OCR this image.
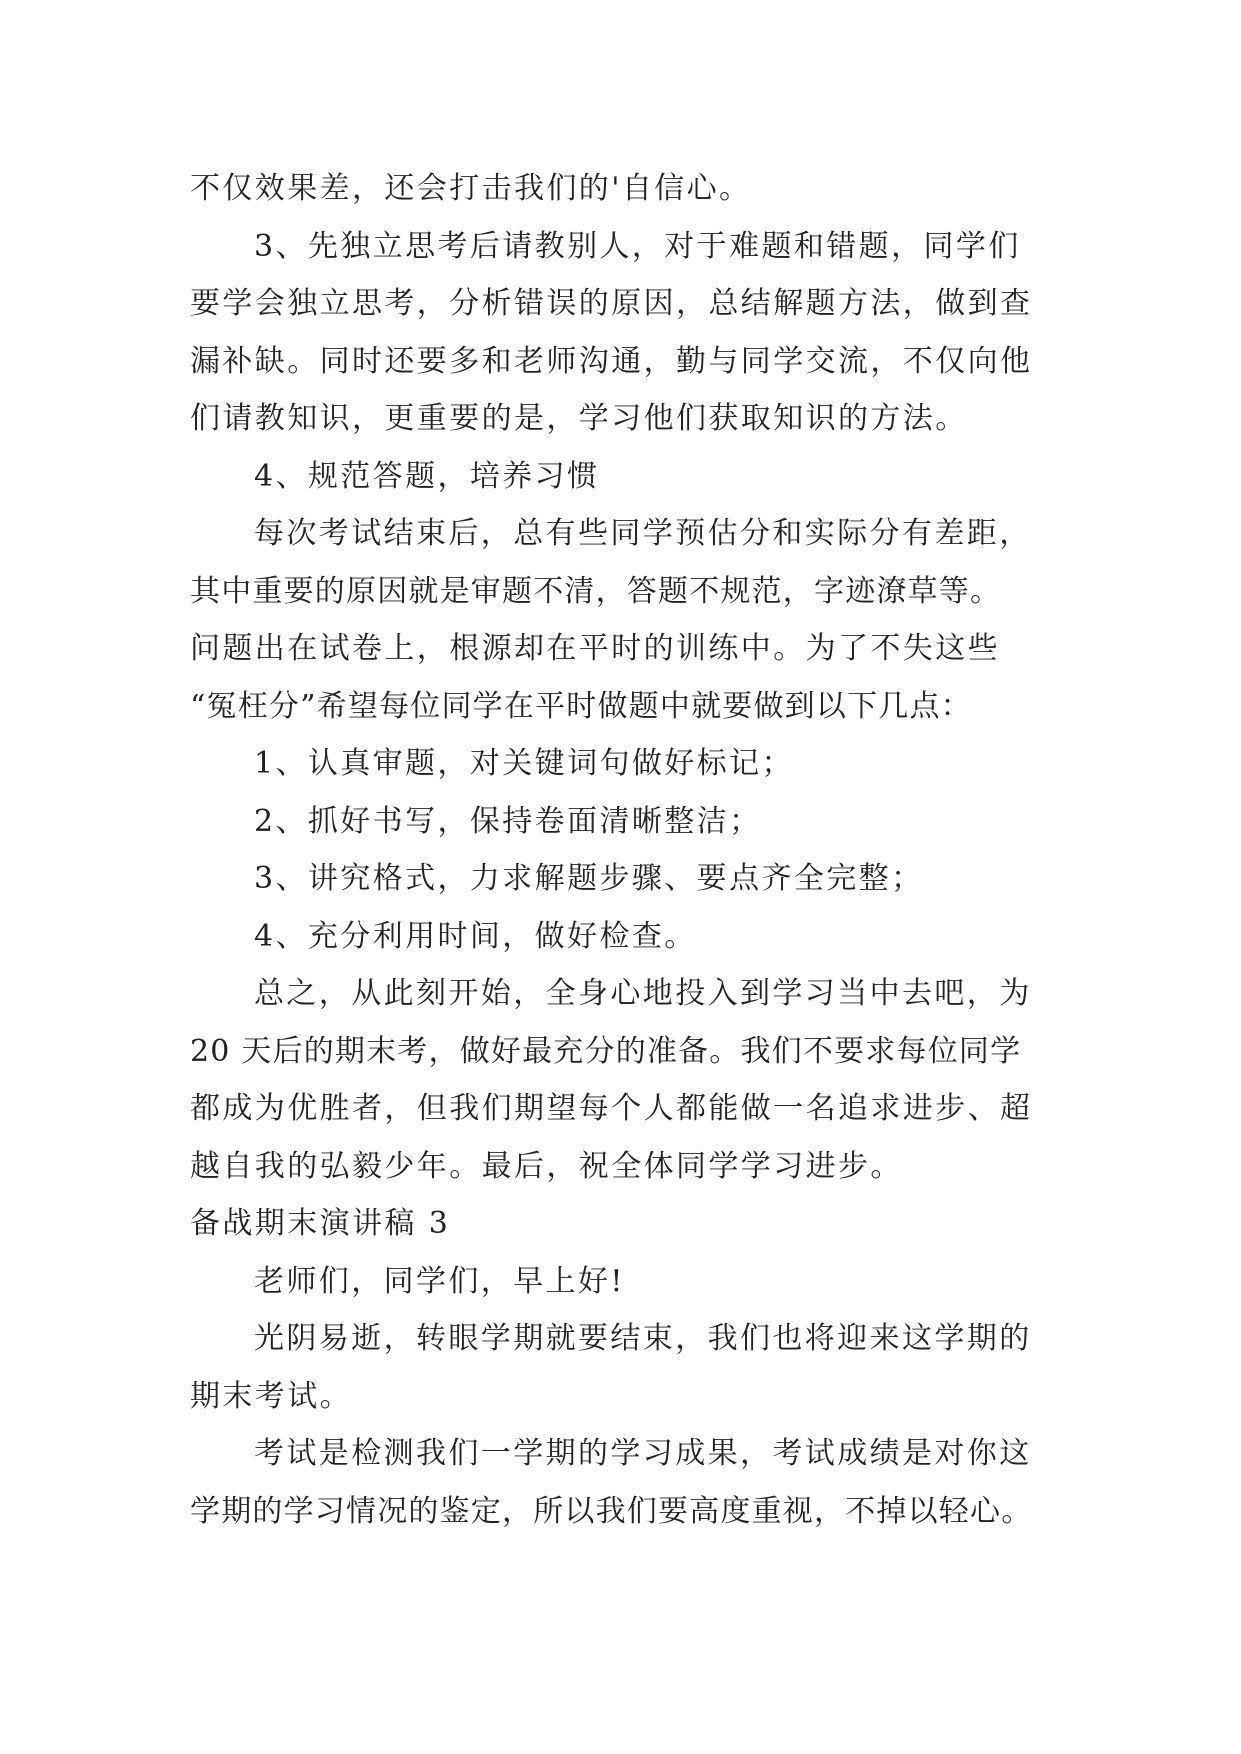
不仅效果差，还会打击我们的'自信心。

3、先独立思考后请教别人，对于难题和错题，同学们

要学会独立思考，分析错误的原因，总结解题方法，做到查

漏补缺。同时还要多和老师沟通，勤与同学交流，不仅向他

们请教知识，更重要的是，学习他们获取知识的方法。

4、规范答题，培养习惯

每次考试结束后，总有些同学预估分和实际分有差距，

其中重要的原因就是审题不清，答题不规范，字迹潦草等。

问题出在试卷上，根源却在平时的训练中。为了不失这些

“冤枉分”希望每位同学在平时做题中就要做到以下几点：

1、认真审题，对关键词句做好标记；

2、抓好书写，保持卷面清晰整洁；

3、讲究格式，力求解题步骤、要点齐全完整；

4、充分利用时间，做好检查。

总之，从此刻开始，全身心地投入到学习当中去吧，为

20 天后的期末考，做好最充分的准备。我们不要求每位同学

都成为优胜者，但我们期望每个人都能做一名追求进步、超

越自我的弘毅少年。最后，祝全体同学学习进步。

备战期末演讲稿 3

老师们，同学们，早上好!

光阴易逝，转眼学期就要结束，我们也将迎来这学期的

期末考试。

考试是检测我们一学期的学习成果，考试成绩是对你这

学期的学习情况的鉴定，所以我们要高度重视，不掉以轻心。
